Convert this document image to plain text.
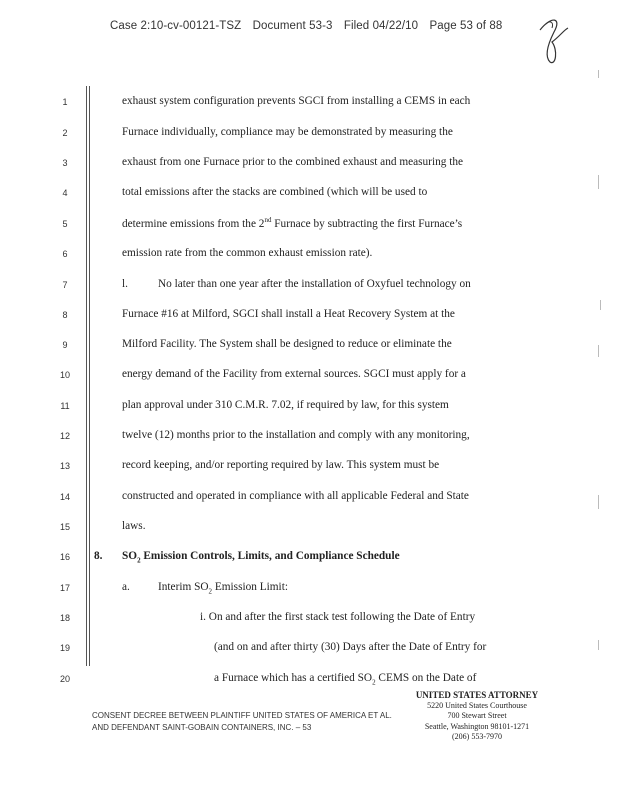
Case 2:10-cv-00121-TSZ Document 53-3 Filed 04/22/10 Page 53 of 88
1
2
3
4
5
6
7
8
9
10
11
12
13
14
15
16
17
18
19
20
exhaust system configuration prevents SGCI from installing a CEMS in each
Furnace individually, compliance may be demonstrated by measuring the
exhaust from one Furnace prior to the combined exhaust and measuring the
total emissions after the stacks are combined (which will be used to
determine emissions from the 2nd Furnace by subtracting the first Furnace’s
emission rate from the common exhaust emission rate).
l.	No later than one year after the installation of Oxyfuel technology on
Furnace #16 at Milford, SGCI shall install a Heat Recovery System at the
Milford Facility. The System shall be designed to reduce or eliminate the
energy demand of the Facility from external sources. SGCI must apply for a
plan approval under 310 C.M.R. 7.02, if required by law, for this system
twelve (12) months prior to the installation and comply with any monitoring,
record keeping, and/or reporting required by law. This system must be
constructed and operated in compliance with all applicable Federal and State
laws.
8. $SO_2$ Emission Controls, Limits, and Compliance Schedule
a. Interim $SO_2$ Emission Limit:
i. On and after the first stack test following the Date of Entry
(and on and after thirty (30) Days after the Date of Entry for
a Furnace which has a certified $SO_2$ CEMS on the Date of
CONSENT DECREE BETWEEN PLAINTIFF UNITED STATES OF AMERICA ET AL.
AND DEFENDANT SAINT-GOBAIN CONTAINERS, INC. – 53
UNITED STATES ATTORNEY
5220 United States Courthouse
700 Stewart Street
Seattle, Washington 98101-1271
(206) 553-7970
